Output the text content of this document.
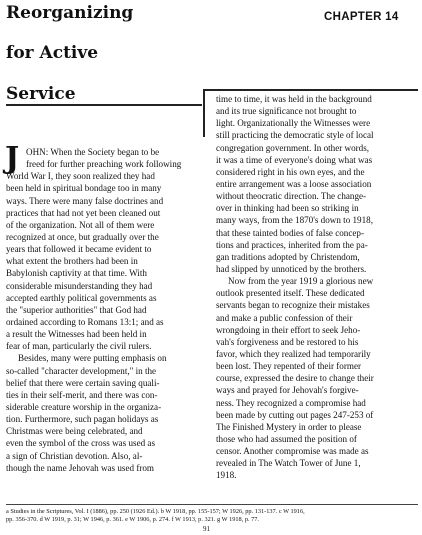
Reorganizing
for Active
Service
CHAPTER 14
J OHN: When the Society began to be
freed for further preaching work following
World War I, they soon realized they had
been held in spiritual bondage too in many
ways. There were many false doctrines and
practices that had not yet been cleaned out
of the organization. Not all of them were
recognized at once, but gradually over the
years that followed it became evident to
what extent the brothers had been in
Babylonish captivity at that time. With
considerable misunderstanding they had
accepted earthly political governments as
the "superior authorities" that God had
ordained according to Romans 13:1; and as
a result the Witnesses had been held in
fear of man, particularly the civil rulers.
Besides, many were putting emphasis on
so-called "character development," in the
belief that there were certain saving quali-
ties in their self-merit, and there was con-
siderable creature worship in the organiza-
tion. Furthermore, such pagan holidays as
Christmas were being celebrated, and
even the symbol of the cross was used as
a sign of Christian devotion. Also, al-
though the name Jehovah was used from
time to time, it was held in the background
and its true significance not brought to
light. Organizationally the Witnesses were
still practicing the democratic style of local
congregation government. In other words,
it was a time of everyone's doing what was
considered right in his own eyes, and the
entire arrangement was a loose association
without theocratic direction. The change-
over in thinking had been so striking in
many ways, from the 1870's down to 1918,
that these tainted bodies of false concep-
tions and practices, inherited from the pa-
gan traditions adopted by Christendom,
had slipped by unnoticed by the brothers.
Now from the year 1919 a glorious new
outlook presented itself. These dedicated
servants began to recognize their mistakes
and make a public confession of their
wrongdoing in their effort to seek Jeho-
vah's forgiveness and be restored to his
favor, which they realized had temporarily
been lost. They repented of their former
course, expressed the desire to change their
ways and prayed for Jehovah's forgive-
ness. They recognized a compromise had
been made by cutting out pages 247-253 of
The Finished Mystery in order to please
those who had assumed the position of
censor. Another compromise was made as
revealed in The Watch Tower of June 1,
1918.
a Studies in the Scriptures, Vol. I (1886), pp. 250 (1926 Ed.). b W 1918, pp. 155-157; W 1926, pp. 131-137. c W 1916,
pp. 356-370. d W 1919, p. 31; W 1946, p. 361. e W 1906, p. 274. f W 1913, p. 321. g W 1918, p. 77.
91
